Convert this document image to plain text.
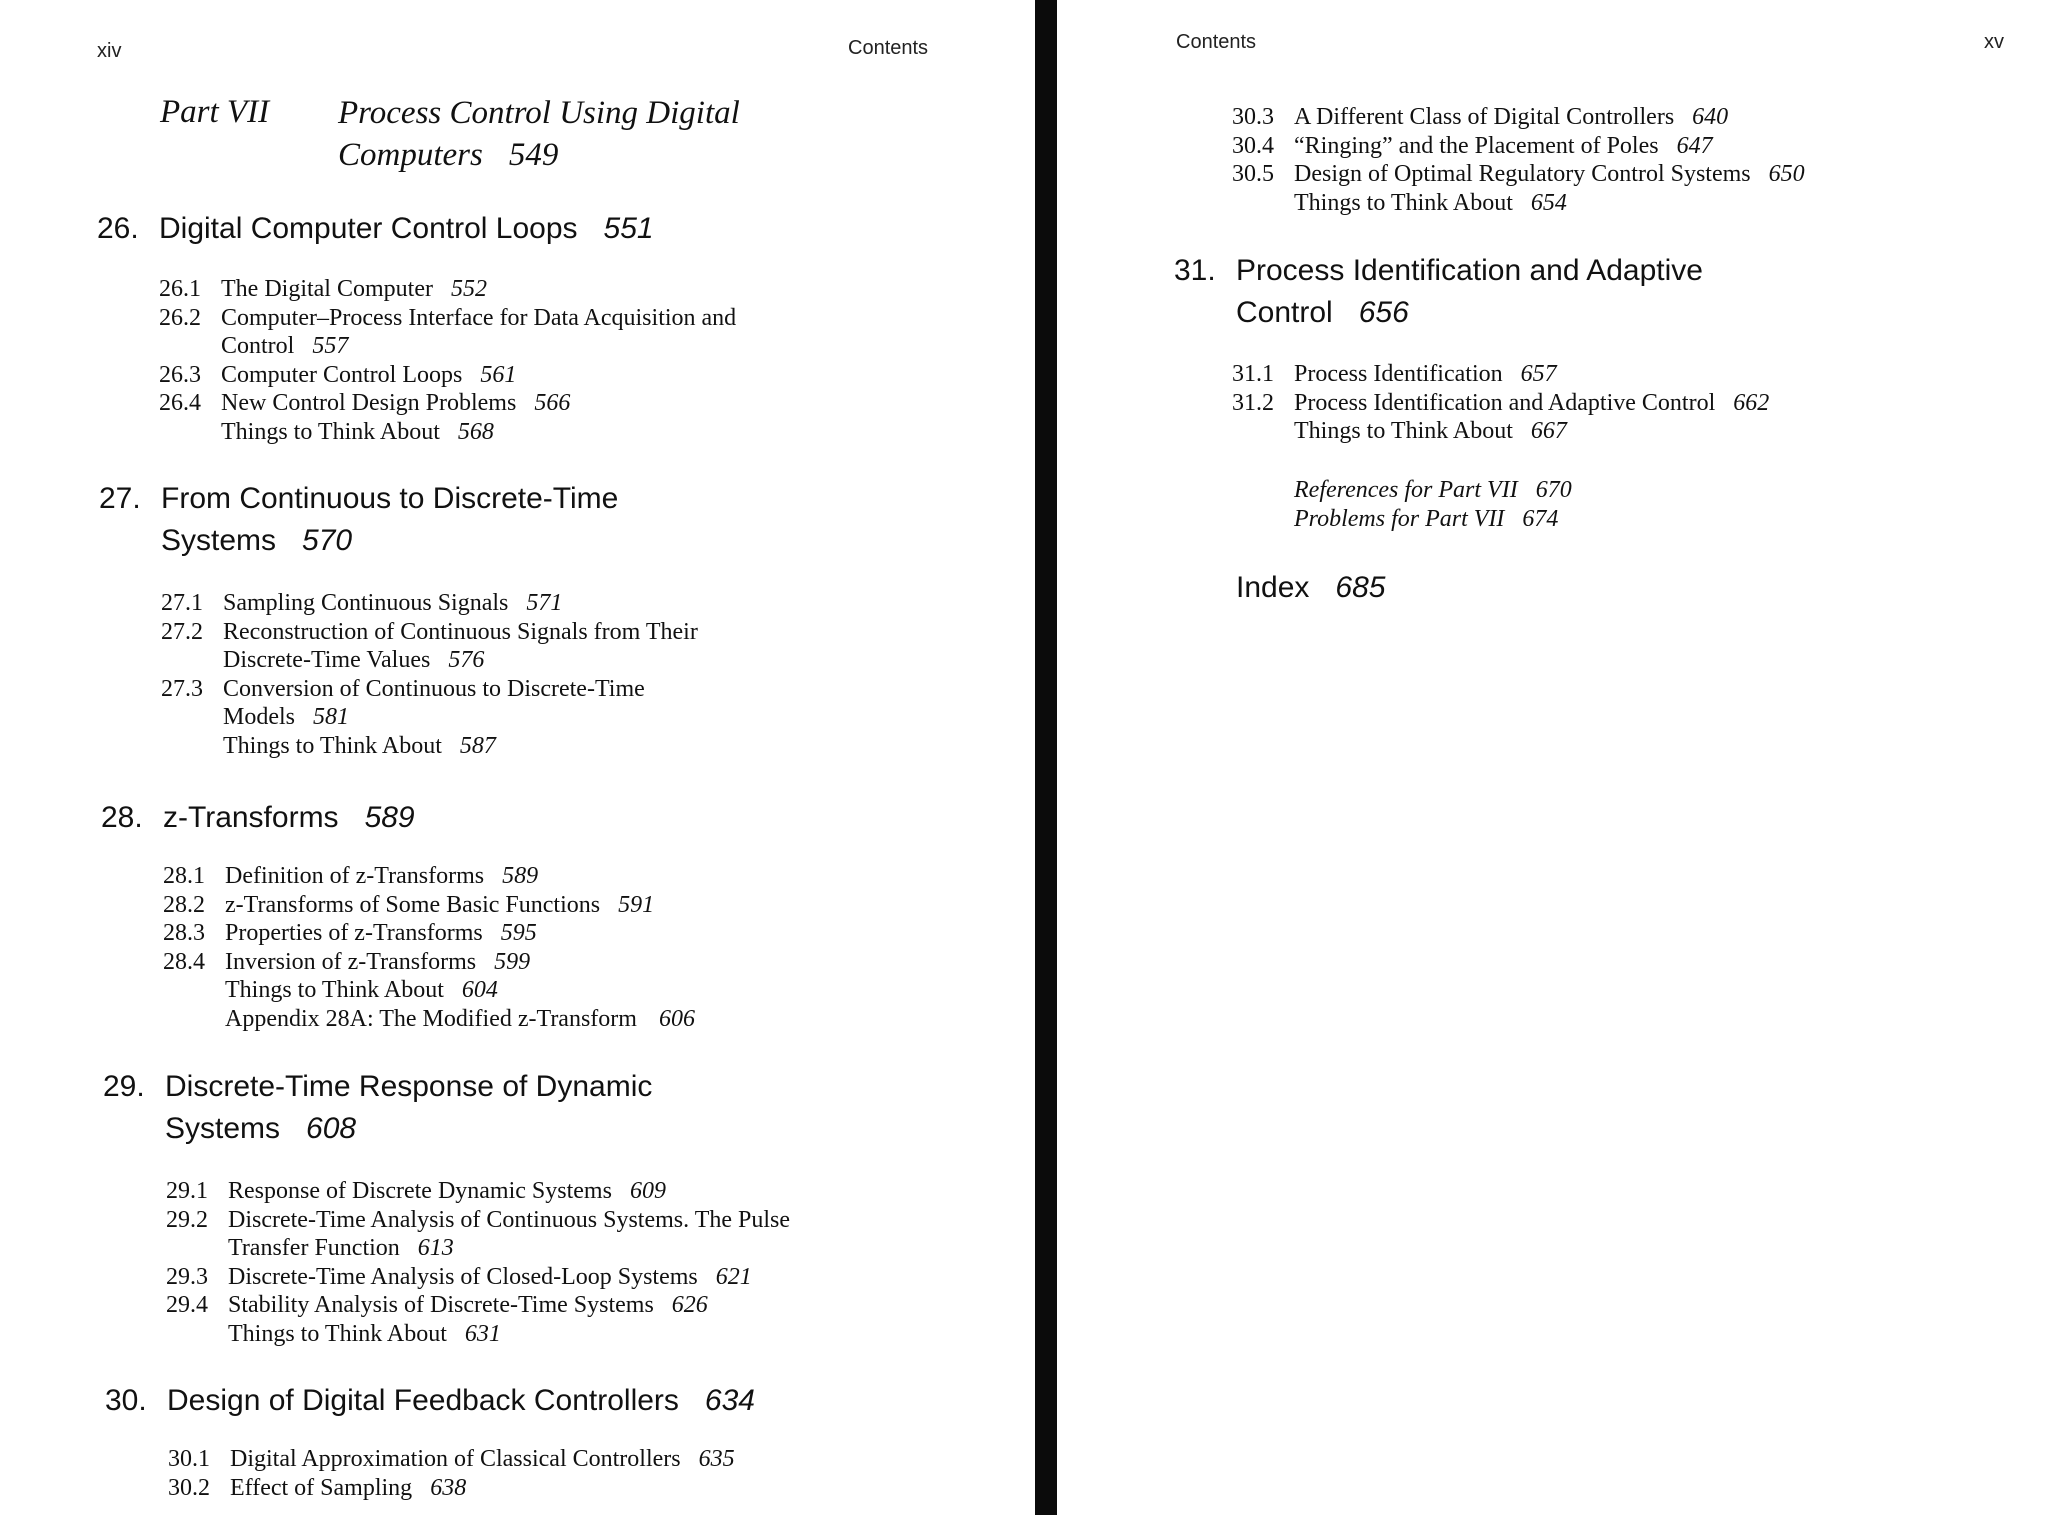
xiv	Contents
Part VII Process Control Using Digital
Computers 549
26. Digital Computer Control Loops 551
26.1 The Digital Computer 552
26.2 Computer–Process Interface for Data Acquisition and
Control 557
26.3 Computer Control Loops 561
26.4 New Control Design Problems 566
Things to Think About 568
27. From Continuous to Discrete-Time
Systems 570
27.1 Sampling Continuous Signals 571
27.2 Reconstruction of Continuous Signals from Their
Discrete-Time Values 576
27.3 Conversion of Continuous to Discrete-Time
Models 581
Things to Think About 587
28. z-Transforms 589
28.1 Definition of z-Transforms 589
28.2 z-Transforms of Some Basic Functions 591
28.3 Properties of z-Transforms 595
28.4 Inversion of z-Transforms 599
Things to Think About 604
Appendix 28A: The Modified z-Transform 606
29. Discrete-Time Response of Dynamic
Systems 608
29.1 Response of Discrete Dynamic Systems 609
29.2 Discrete-Time Analysis of Continuous Systems. The Pulse
Transfer Function 613
29.3 Discrete-Time Analysis of Closed-Loop Systems 621
29.4 Stability Analysis of Discrete-Time Systems 626
Things to Think About 631
30. Design of Digital Feedback Controllers 634
30.1 Digital Approximation of Classical Controllers 635
30.2 Effect of Sampling 638
Contents	xv
30.3 A Different Class of Digital Controllers 640
30.4 “Ringing” and the Placement of Poles 647
30.5 Design of Optimal Regulatory Control Systems 650
Things to Think About 654
31. Process Identification and Adaptive
Control 656
31.1 Process Identification 657
31.2 Process Identification and Adaptive Control 662
Things to Think About 667
References for Part VII 670
Problems for Part VII 674
Index 685
